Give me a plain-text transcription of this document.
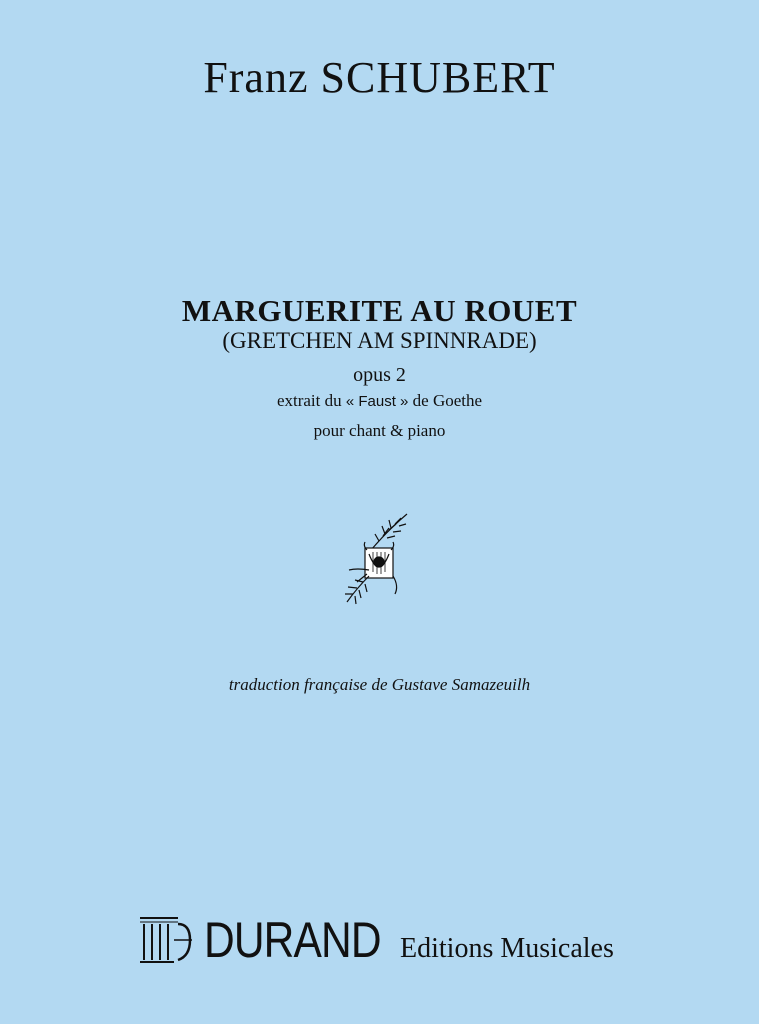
Franz SCHUBERT
MARGUERITE AU ROUET
(GRETCHEN AM SPINNRADE)
opus 2
extrait du « Faust » de Goethe
pour chant & piano
traduction française de Gustave Samazeuilh
DURAND Editions Musicales
